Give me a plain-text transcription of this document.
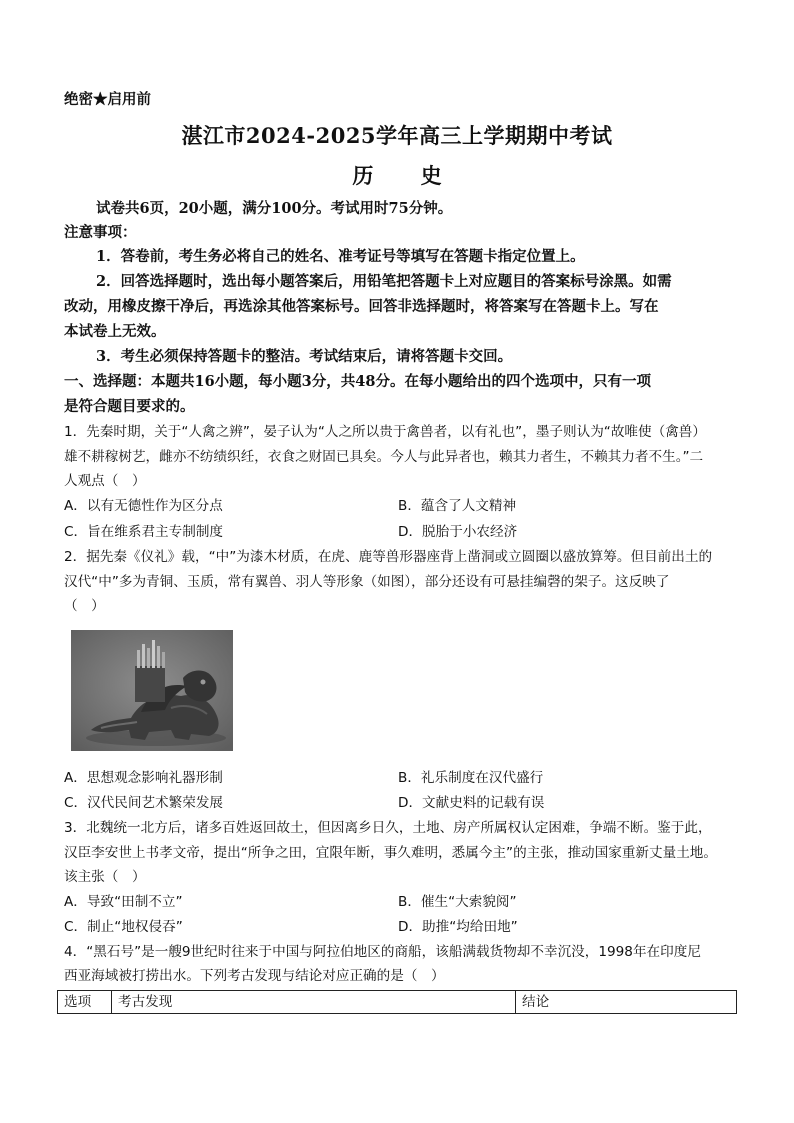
绝密★启用前
湛江市2024-2025学年高三上学期期中考试
历 史
试卷共6页，20小题，满分100分。考试用时75分钟。
注意事项：
1．答卷前，考生务必将自己的姓名、准考证号等填写在答题卡指定位置上。
2．回答选择题时，选出每小题答案后，用铅笔把答题卡上对应题目的答案标号涂黑。如需
改动，用橡皮擦干净后，再选涂其他答案标号。回答非选择题时，将答案写在答题卡上。写在
本试卷上无效。
3．考生必须保持答题卡的整洁。考试结束后，请将答题卡交回。
一、选择题：本题共16小题，每小题3分，共48分。在每小题给出的四个选项中，只有一项
是符合题目要求的。
1．先秦时期，关于“人禽之辨”，晏子认为“人之所以贵于禽兽者，以有礼也”，墨子则认为“故唯使（禽兽）
雄不耕稼树艺，雌亦不纺绩织纴，衣食之财固已具矣。今人与此异者也，赖其力者生，不赖其力者不生。”二
人观点（　）
A．以有无德性作为区分点	B．蕴含了人文精神
C．旨在维系君主专制制度	D．脱胎于小农经济
2．据先秦《仪礼》载，“中”为漆木材质，在虎、鹿等兽形器座背上凿洞或立圆圈以盛放算筹。但目前出土的
汉代“中”多为青铜、玉质，常有翼兽、羽人等形象（如图），部分还设有可悬挂编磬的架子。这反映了
（　）
A．思想观念影响礼器形制	B．礼乐制度在汉代盛行
C．汉代民间艺术繁荣发展	D．文献史料的记载有误
3．北魏统一北方后，诸多百姓返回故土，但因离乡日久，土地、房产所属权认定困难，争端不断。鉴于此，
汉臣李安世上书孝文帝，提出“所争之田，宜限年断，事久难明，悉属今主”的主张，推动国家重新丈量土地。
该主张（　）
A．导致“田制不立”	B．催生“大索貌阅”
C．制止“地权侵吞”	D．助推“均给田地”
4．“黑石号”是一艘9世纪时往来于中国与阿拉伯地区的商船，该船满载货物却不幸沉没，1998年在印度尼
西亚海域被打捞出水。下列考古发现与结论对应正确的是（　）
选项	考古发现	结论
